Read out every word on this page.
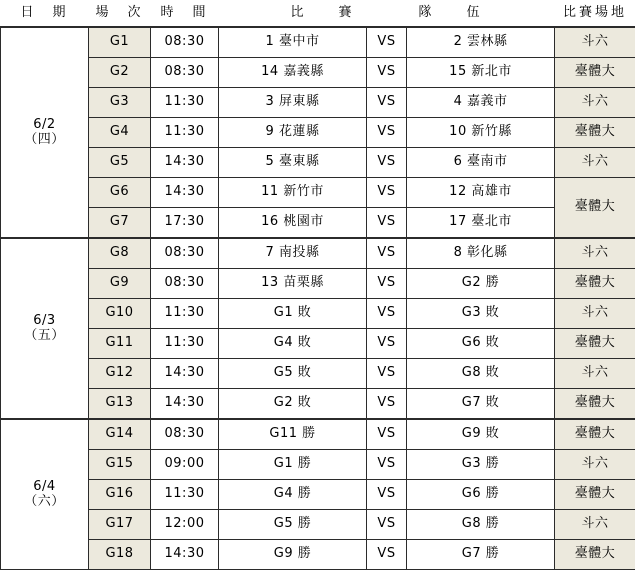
日　期	場　次	時　間	比　　賽　　　　隊　　伍			比賽場地

6/2
（四）	G1	08:30	1 臺中市	VS	2 雲林縣	斗六
	G2	08:30	14 嘉義縣	VS	15 新北市	臺體大
	G3	11:30	3 屏東縣	VS	4 嘉義市	斗六
	G4	11:30	9 花蓮縣	VS	10 新竹縣	臺體大
	G5	14:30	5 臺東縣	VS	6 臺南市	斗六
	G6	14:30	11 新竹市	VS	12 高雄市	臺體大
	G7	17:30	16 桃園市	VS	17 臺北市	

6/3
（五）	G8	08:30	7 南投縣	VS	8 彰化縣	斗六
	G9	08:30	13 苗栗縣	VS	G2 勝	臺體大
	G10	11:30	G1 敗	VS	G3 敗	斗六
	G11	11:30	G4 敗	VS	G6 敗	臺體大
	G12	14:30	G5 敗	VS	G8 敗	斗六
	G13	14:30	G2 敗	VS	G7 敗	臺體大

6/4
（六）	G14	08:30	G11 勝	VS	G9 敗	臺體大
	G15	09:00	G1 勝	VS	G3 勝	斗六
	G16	11:30	G4 勝	VS	G6 勝	臺體大
	G17	12:00	G5 勝	VS	G8 勝	斗六
	G18	14:30	G9 勝	VS	G7 勝	臺體大
